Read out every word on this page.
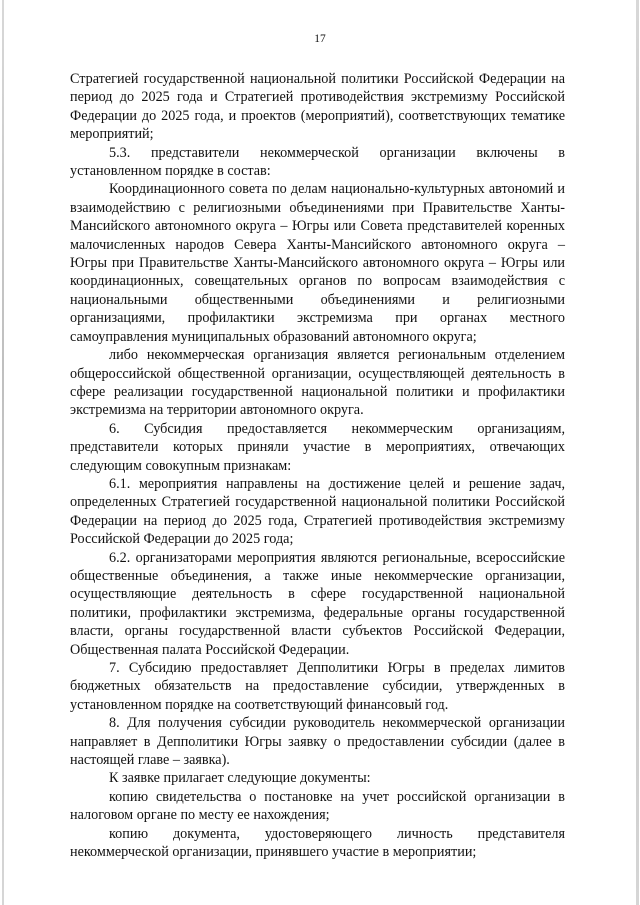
17

Стратегией государственной национальной политики Российской Федерации на период до 2025 года и Стратегией противодействия экстремизму Российской Федерации до 2025 года, и проектов (мероприятий), соответствующих тематике мероприятий;

5.3. представители некоммерческой организации включены в установленном порядке в состав:

Координационного совета по делам национально-культурных автономий и взаимодействию с религиозными объединениями при Правительстве Ханты-Мансийского автономного округа – Югры или Совета представителей коренных малочисленных народов Севера Ханты-Мансийского автономного округа – Югры при Правительстве Ханты-Мансийского автономного округа – Югры или координационных, совещательных органов по вопросам взаимодействия с национальными общественными объединениями и религиозными организациями, профилактики экстремизма при органах местного самоуправления муниципальных образований автономного округа;

либо некоммерческая организация является региональным отделением общероссийской общественной организации, осуществляющей деятельность в сфере реализации государственной национальной политики и профилактики экстремизма на территории автономного округа.

6. Субсидия предоставляется некоммерческим организациям, представители которых приняли участие в мероприятиях, отвечающих следующим совокупным признакам:

6.1. мероприятия направлены на достижение целей и решение задач, определенных Стратегией государственной национальной политики Российской Федерации на период до 2025 года, Стратегией противодействия экстремизму Российской Федерации до 2025 года;

6.2. организаторами мероприятия являются региональные, всероссийские общественные объединения, а также иные некоммерческие организации, осуществляющие деятельность в сфере государственной национальной политики, профилактики экстремизма, федеральные органы государственной власти, органы государственной власти субъектов Российской Федерации, Общественная палата Российской Федерации.

7. Субсидию предоставляет Депполитики Югры в пределах лимитов бюджетных обязательств на предоставление субсидии, утвержденных в установленном порядке на соответствующий финансовый год.

8. Для получения субсидии руководитель некоммерческой организации направляет в Депполитики Югры заявку о предоставлении субсидии (далее в настоящей главе – заявка).

К заявке прилагает следующие документы:

копию свидетельства о постановке на учет российской организации в налоговом органе по месту ее нахождения;

копию документа, удостоверяющего личность представителя некоммерческой организации, принявшего участие в мероприятии;
